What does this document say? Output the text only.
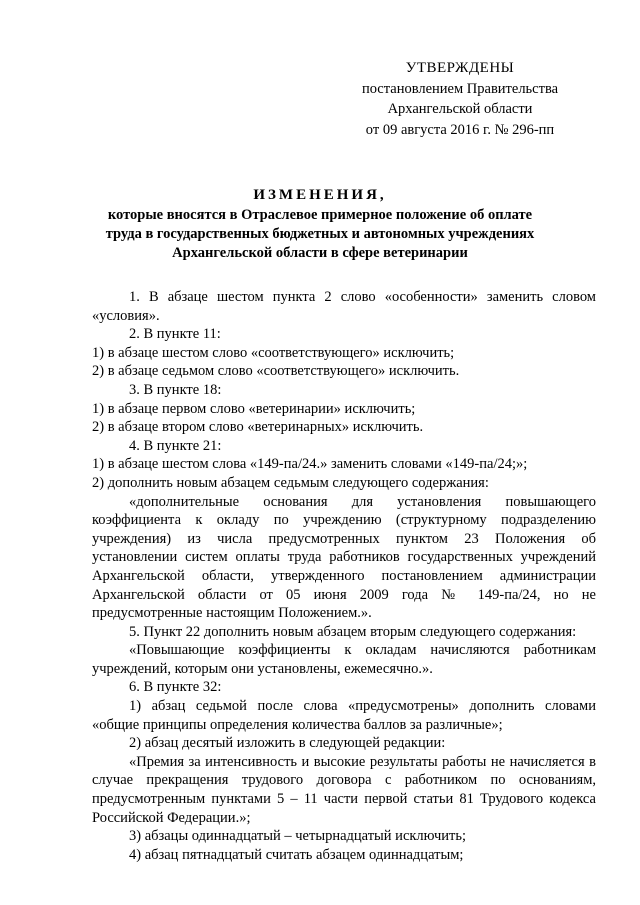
УТВЕРЖДЕНЫ
постановлением Правительства
Архангельской области
от 09 августа 2016 г. № 296-пп
ИЗМЕНЕНИЯ,
которые вносятся в Отраслевое примерное положение об оплате
труда в государственных бюджетных и автономных учреждениях
Архангельской области в сфере ветеринарии

1. В абзаце шестом пункта 2 слово «особенности» заменить словом «условия».

2. В пункте 11:

1) в абзаце шестом слово «соответствующего» исключить;

2) в абзаце седьмом слово «соответствующего» исключить.

3. В пункте 18:

1) в абзаце первом слово «ветеринарии» исключить;

2) в абзаце втором слово «ветеринарных» исключить.

4. В пункте 21:

1) в абзаце шестом слова «149-па/24.» заменить словами «149-па/24;»;

2) дополнить новым абзацем седьмым следующего содержания:

«дополнительные основания для установления повышающего коэффициента к окладу по учреждению (структурному подразделению учреждения) из числа предусмотренных пунктом 23 Положения об установлении систем оплаты труда работников государственных учреждений Архангельской области, утвержденного постановлением администрации Архангельской области от 05 июня 2009 года № 149-па/24, но не предусмотренные настоящим Положением.».

5. Пункт 22 дополнить новым абзацем вторым следующего содержания:

«Повышающие коэффициенты к окладам начисляются работникам учреждений, которым они установлены, ежемесячно.».

6. В пункте 32:

1) абзац седьмой после слова «предусмотрены» дополнить словами «общие принципы определения количества баллов за различные»;

2) абзац десятый изложить в следующей редакции:

«Премия за интенсивность и высокие результаты работы не начисляется в случае прекращения трудового договора с работником по основаниям, предусмотренным пунктами 5 – 11 части первой статьи 81 Трудового кодекса Российской Федерации.»;

3) абзацы одиннадцатый – четырнадцатый исключить;

4) абзац пятнадцатый считать абзацем одиннадцатым;
